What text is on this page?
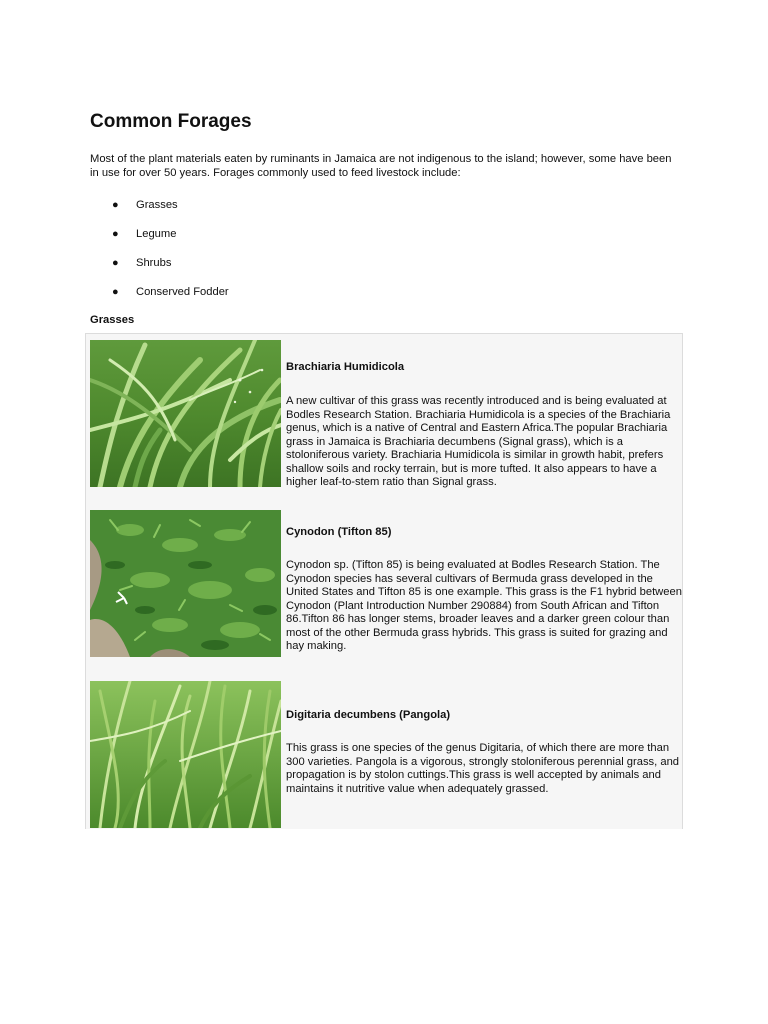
Common Forages

Most of the plant materials eaten by ruminants in Jamaica are not indigenous to the island; however, some have been in use for over 50 years. Forages commonly used to feed livestock include:

● Grasses
● Legume
● Shrubs
● Conserved Fodder
Grasses
Brachiaria Humidicola

A new cultivar of this grass was recently introduced and is being evaluated at Bodles Research Station. Brachiaria Humidicola is a species of the Brachiaria genus, which is a native of Central and Eastern Africa.The popular Brachiaria grass in Jamaica is Brachiaria decumbens (Signal grass), which is a stoloniferous variety. Brachiaria Humidicola is similar in growth habit, prefers shallow soils and rocky terrain, but is more tufted. It also appears to have a higher leaf-to-stem ratio than Signal grass.

Cynodon (Tifton 85)

Cynodon sp. (Tifton 85) is being evaluated at Bodles Research Station. The Cynodon species has several cultivars of Bermuda grass developed in the United States and Tifton 85 is one example. This grass is the F1 hybrid between Cynodon (Plant Introduction Number 290884) from South African and Tifton 86.Tifton 86 has longer stems, broader leaves and a darker green colour than most of the other Bermuda grass hybrids. This grass is suited for grazing and hay making.

Digitaria decumbens (Pangola)

This grass is one species of the genus Digitaria, of which there are more than 300 varieties. Pangola is a vigorous, strongly stoloniferous perennial grass, and propagation is by stolon cuttings.This grass is well accepted by animals and maintains it nutritive value when adequately grassed.
